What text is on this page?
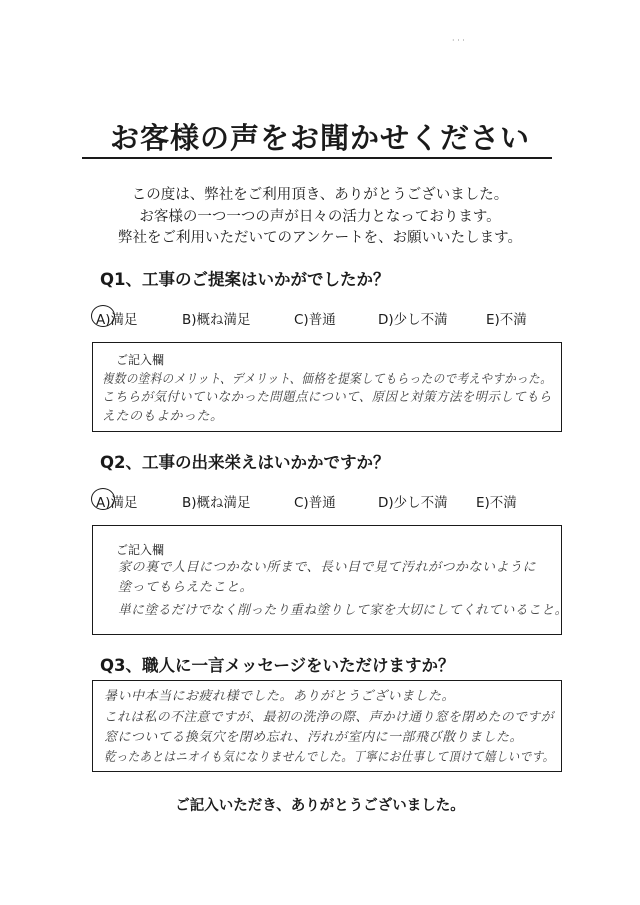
· · ·
お客様の声をお聞かせください
この度は、弊社をご利用頂き、ありがとうございました。
お客様の一つ一つの声が日々の活力となっております。
弊社をご利用いただいてのアンケートを、お願いいたします。
Q1、工事のご提案はいかがでしたか？
A)満足	B)概ね満足	C)普通	D)少し不満	E)不満
ご記入欄
複数の塗料のメリット、デメリット、価格を提案してもらったので考えやすかった。
こちらが気付いていなかった問題点について、原因と対策方法を明示してもら
えたのもよかった。
Q2、工事の出来栄えはいかかですか？
A)満足	B)概ね満足	C)普通	D)少し不満 E)不満
ご記入欄
家の裏で人目につかない所まで、長い目で見て汚れがつかないように
塗ってもらえたこと。
単に塗るだけでなく削ったり重ね塗りして家を大切にしてくれていること。
Q3、職人に一言メッセージをいただけますか？
暑い中本当にお疲れ様でした。ありがとうございました。
これは私の不注意ですが、最初の洗浄の際、声かけ通り窓を閉めたのですが
窓についてる換気穴を閉め忘れ、汚れが室内に一部飛び散りました。
乾ったあとはニオイも気になりませんでした。丁寧にお仕事して頂けて嬉しいです。
ご記入いただき、ありがとうございました。
